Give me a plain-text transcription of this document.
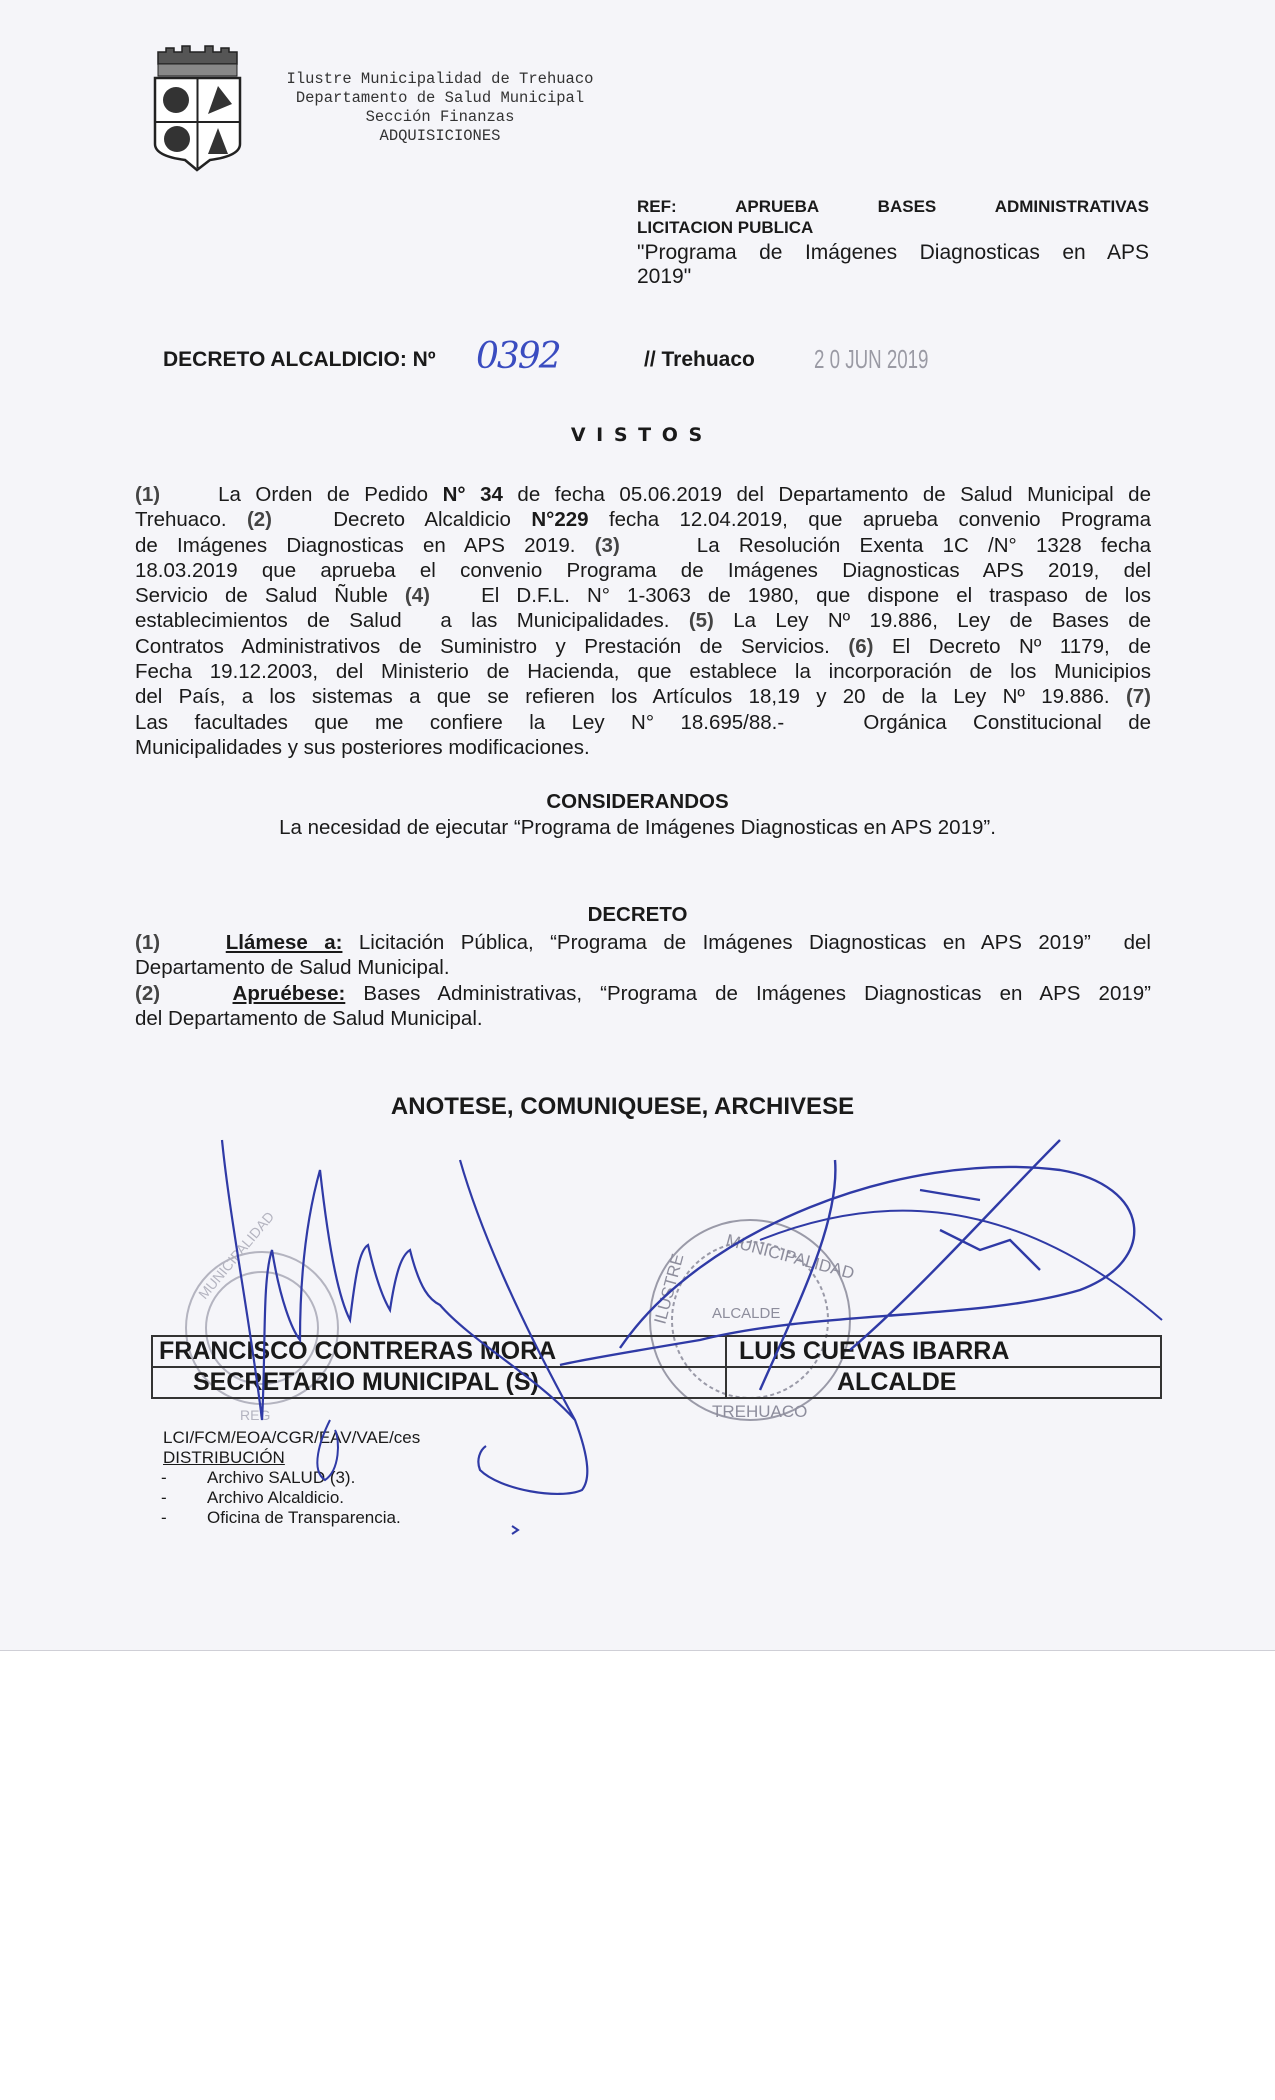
Ilustre Municipalidad de Trehuaco
Departamento de Salud Municipal
Sección Finanzas
ADQUISICIONES
REF:	APRUEBA	BASES	ADMINISTRATIVAS
LICITACION PUBLICA
"Programa de Imágenes Diagnosticas en APS
2019"
DECRETO ALCALDICIO: Nº 0392	// Trehuaco 2 0 JUN 2019
V I S T O S
(1)    La Orden de Pedido N° 34 de fecha 05.06.2019 del Departamento de Salud Municipal de
Trehuaco. (2)   Decreto Alcaldicio N°229 fecha 12.04.2019, que aprueba convenio Programa
de Imágenes Diagnosticas en APS 2019. (3)    La Resolución Exenta 1C /N° 1328 fecha
18.03.2019 que aprueba el convenio Programa de Imágenes Diagnosticas APS 2019, del
Servicio de Salud Ñuble (4)   El D.F.L. N° 1-3063 de 1980, que dispone el traspaso de los
establecimientos de Salud  a las Municipalidades. (5) La Ley Nº 19.886, Ley de Bases de
Contratos Administrativos de Suministro y Prestación de Servicios. (6) El Decreto Nº 1179, de
Fecha 19.12.2003, del Ministerio de Hacienda, que establece la incorporación de los Municipios
del País, a los sistemas a que se refieren los Artículos 18,19 y 20 de la Ley Nº 19.886. (7)
Las facultades que me confiere la Ley N° 18.695/88.-   Orgánica Constitucional de
Municipalidades y sus posteriores modificaciones.
CONSIDERANDOS
La necesidad de ejecutar “Programa de Imágenes Diagnosticas en APS 2019”.
DECRETO
(1)	Llámese a: Licitación Pública, “Programa de Imágenes Diagnosticas en APS 2019”  del
Departamento de Salud Municipal.
(2)	Apruébese: Bases Administrativas, “Programa de Imágenes Diagnosticas en APS 2019”
del Departamento de Salud Municipal.
ANOTESE, COMUNIQUESE, ARCHIVESE
MUNICIPALIDAD
REG
ILUSTRE MUNICIPALIDAD
ALCALDE
TREHUACO
FRANCISCO CONTRERAS MORA	LUIS CUEVAS IBARRA
SECRETARIO MUNICIPAL (S)	ALCALDE
LCI/FCM/EOA/CGR/EAV/VAE/ces
DISTRIBUCIÓN
- Archivo SALUD (3).
- Archivo Alcaldicio.
- Oficina de Transparencia.
